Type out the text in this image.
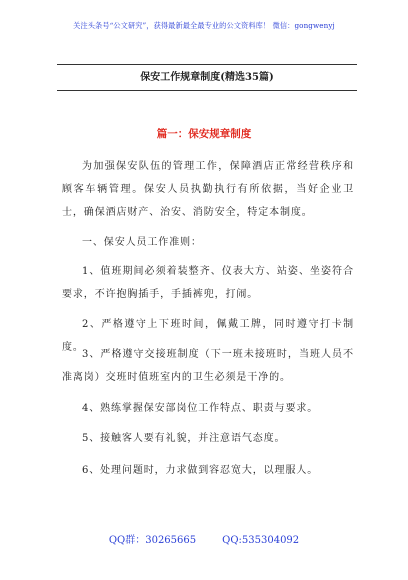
关注头条号“公文研究”，获得最新最全最专业的公文资料库！ 微信：gongwenyj
保安工作规章制度(精选35篇)
篇一：保安规章制度
为加强保安队伍的管理工作，保障酒店正常经营秩序和顾客车辆管理。保安人员执勤执行有所依据，当好企业卫士，确保酒店财产、治安、消防安全，特定本制度。
一、保安人员工作准则：
1、值班期间必须着装整齐、仪表大方、站姿、坐姿符合要求，不许抱胸插手，手插裤兜，打闹。
2、严格遵守上下班时间，佩戴工牌，同时遵守打卡制度。
3、严格遵守交接班制度（下一班未接班时，当班人员不准离岗）交班时值班室内的卫生必须是干净的。
4、熟练掌握保安部岗位工作特点、职责与要求。
5、接触客人要有礼貌，并注意语气态度。
6、处理问题时，力求做到容忍宽大，以理服人。
QQ群：30265665	QQ:535304092
